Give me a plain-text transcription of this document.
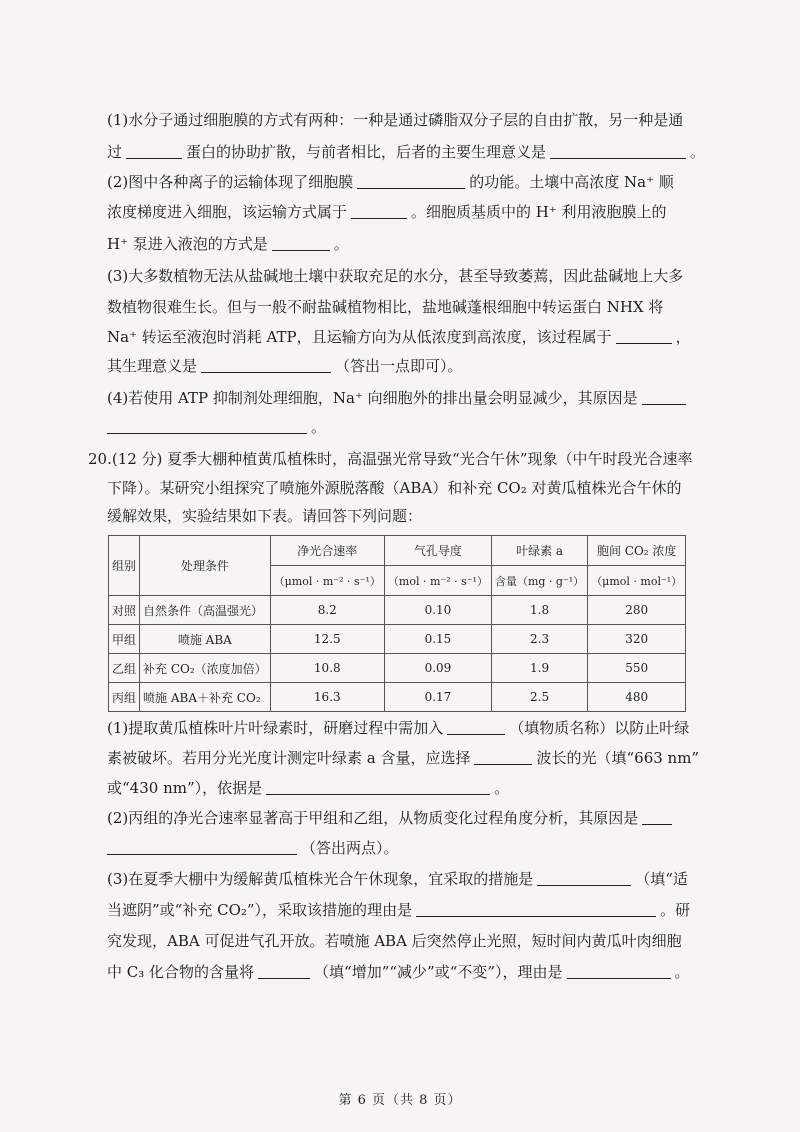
(1)水分子通过细胞膜的方式有两种：一种是通过磷脂双分子层的自由扩散，另一种是通
过	蛋白的协助扩散，与前者相比，后者的主要生理意义是	。
(2)图中各种离子的运输体现了细胞膜	的功能。土壤中高浓度 Na⁺ 顺
浓度梯度进入细胞，该运输方式属于	。细胞质基质中的 H⁺ 利用液胞膜上的
H⁺ 泵进入液泡的方式是	。
(3)大多数植物无法从盐碱地土壤中获取充足的水分，甚至导致萎蔫，因此盐碱地上大多
数植物很难生长。但与一般不耐盐碱植物相比，盐地碱蓬根细胞中转运蛋白 NHX 将
Na⁺ 转运至液泡时消耗 ATP，且运输方向为从低浓度到高浓度，该过程属于	，
其生理意义是	（答出一点即可）。
(4)若使用 ATP 抑制剂处理细胞，Na⁺ 向细胞外的排出量会明显减少，其原因是
。
20.(12 分) 夏季大棚种植黄瓜植株时，高温强光常导致“光合午休”现象（中午时段光合速率
下降）。某研究小组探究了喷施外源脱落酸（ABA）和补充 CO₂ 对黄瓜植株光合午休的
缓解效果，实验结果如下表。请回答下列问题：
组别	处理条件	净光合速率	气孔导度	叶绿素 a	胞间 CO₂ 浓度
		（μmol · m⁻² · s⁻¹）	（mol · m⁻² · s⁻¹）	含量（mg · g⁻¹）	（μmol · mol⁻¹）
对照	自然条件（高温强光）	8.2	0.10	1.8	280
甲组	喷施 ABA	12.5	0.15	2.3	320
乙组	补充 CO₂（浓度加倍）	10.8	0.09	1.9	550
丙组	喷施 ABA＋补充 CO₂	16.3	0.17	2.5	480
(1)提取黄瓜植株叶片叶绿素时，研磨过程中需加入	（填物质名称）以防止叶绿
素被破坏。若用分光光度计测定叶绿素 a 含量，应选择	波长的光（填“663 nm”
或“430 nm”），依据是	。
(2)丙组的净光合速率显著高于甲组和乙组，从物质变化过程角度分析，其原因是
（答出两点）。
(3)在夏季大棚中为缓解黄瓜植株光合午休现象，宜采取的措施是	（填“适
当遮阴”或“补充 CO₂”），采取该措施的理由是	。研
究发现，ABA 可促进气孔开放。若喷施 ABA 后突然停止光照，短时间内黄瓜叶肉细胞
中 C₃ 化合物的含量将	（填“增加”“减少”或“不变”），理由是	。
第 6 页（共 8 页）
